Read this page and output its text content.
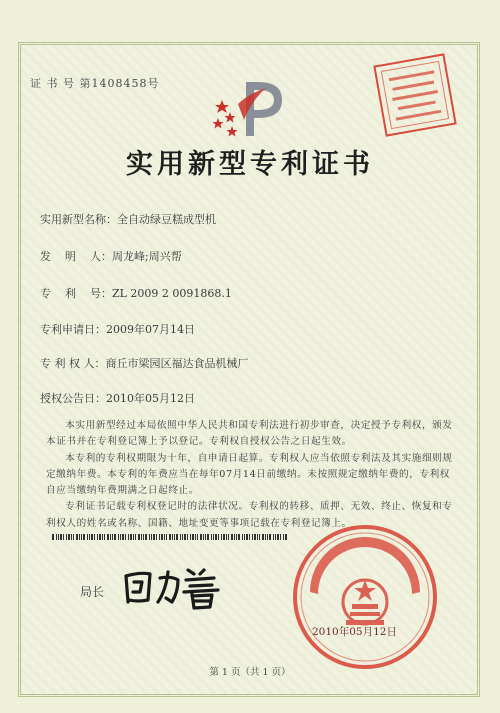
证 书 号 第1408458号
实用新型专利证书
实用新型名称：全自动绿豆糕成型机
发    明    人：周龙峰;周兴帮
专    利    号：ZL 2009 2 0091868.1
专利申请日：2009年07月14日
专 利 权 人：商丘市梁园区福达食品机械厂
授权公告日：2010年05月12日

本实用新型经过本局依照中华人民共和国专利法进行初步审查，决定授予专利权，颁发本证书并在专利登记簿上予以登记。专利权自授权公告之日起生效。

本专利的专利权期限为十年，自申请日起算。专利权人应当依照专利法及其实施细则规定缴纳年费。本专利的年费应当在每年07月14日前缴纳。未按照规定缴纳年费的，专利权自应当缴纳年费期满之日起终止。

专利证书记载专利权登记时的法律状况。专利权的转移、质押、无效、终止、恢复和专利权人的姓名或名称、国籍、地址变更等事项记载在专利登记簿上。

局长
2010年05月12日
第 1 页（共 1 页）
